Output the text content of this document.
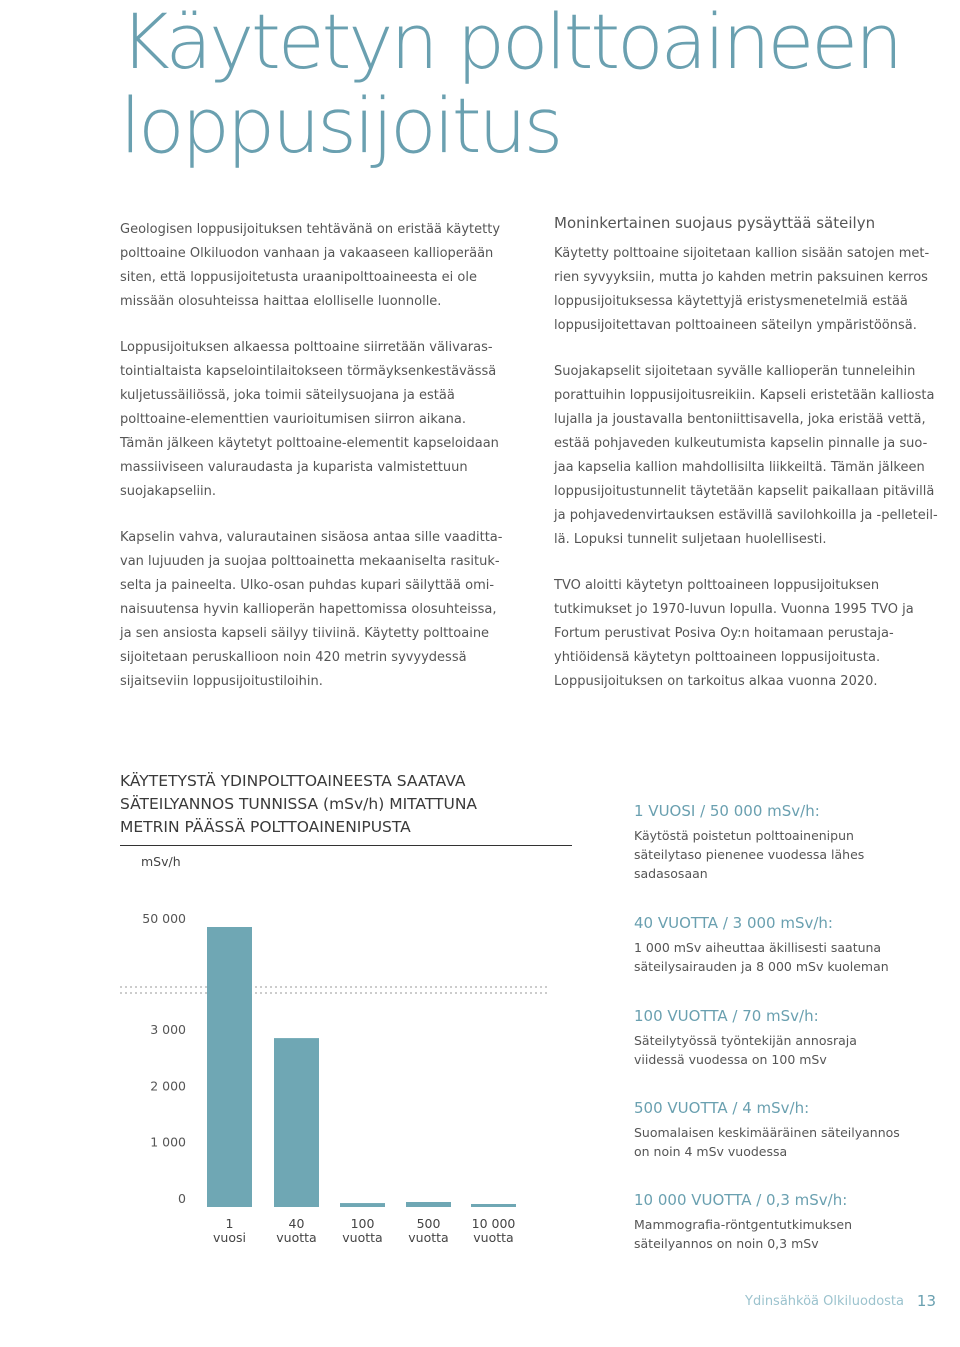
Käytetyn polttoaineen
loppusijoitus

Geologisen loppusijoituksen tehtävänä on eristää käytetty
polttoaine Olkiluodon vanhaan ja vakaaseen kallioperään
siten, että loppusijoitetusta uraanipolttoaineesta ei ole
missään olosuhteissa haittaa elolliselle luonnolle.

Loppusijoituksen alkaessa polttoaine siirretään välivaras-
tointialtaista kapselointilaitokseen törmäyksenkestävässä
kuljetussäiliössä, joka toimii säteilysuojana ja estää
polttoaine-elementtien vaurioitumisen siirron aikana.
Tämän jälkeen käytetyt polttoaine-elementit kapseloidaan
massiiviseen valuraudasta ja kuparista valmistettuun
suojakapseliin.

Kapselin vahva, valurautainen sisäosa antaa sille vaadittа-
van lujuuden ja suojaa polttoainetta mekaaniselta rasituk-
selta ja paineelta. Ulko-osan puhdas kupari säilyttää omi-
naisuutensa hyvin kallioperän hapettomissa olosuhteissa,
ja sen ansiosta kapseli säilyy tiiviinä. Käytetty polttoaine
sijoitetaan peruskallioon noin 420 metrin syvyydessä
sijaitseviin loppusijoitustiloihin.

Moninkertainen suojaus pysäyttää säteilyn

Käytetty polttoaine sijoitetaan kallion sisään satojen met-
rien syvyyksiin, mutta jo kahden metrin paksuinen kerros
loppusijoituksessa käytettyjä eristysmenetelmiä estää
loppusijoitettavan polttoaineen säteilyn ympäristöönsä.

Suojakapselit sijoitetaan syvälle kallioperän tunneleihin
porattuihin loppusijoitusreikiin. Kapseli eristetään kalliosta
lujalla ja joustavalla bentoniittisavella, joka eristää vettä,
estää pohjaveden kulkeutumista kapselin pinnalle ja suo-
jaa kapselia kallion mahdollisilta liikkeiltä. Tämän jälkeen
loppusijoitustunnelit täytetään kapselit paikallaan pitävillä
ja pohjavedenvirtauksen estävillä savilohkoilla ja -pelleteil-
lä. Lopuksi tunnelit suljetaan huolellisesti.

TVO aloitti käytetyn polttoaineen loppusijoituksen
tutkimukset jo 1970-luvun lopulla. Vuonna 1995 TVO ja
Fortum perustivat Posiva Oy:n hoitamaan perustaja-
yhtiöidensä käytetyn polttoaineen loppusijoitusta.
Loppusijoituksen on tarkoitus alkaa vuonna 2020.

KÄYTETYSTÄ YDINPOLTTOAINEESTA SAATAVA
SÄTEILYANNOS TUNNISSA (mSv/h) MITATTUNA
METRIN PÄÄSSÄ POLTTOAINENIPUSTA
mSv/h
0
1 000
2 000
3 000
50 000
1
vuosi
40
vuotta
100
vuotta
500
vuotta
10 000
vuotta

1 VUOSI / 50 000 mSv/h:

Käytöstä poistetun polttoainenipun
säteilytaso pienenee vuodessa lähes
sadasosaan

40 VUOTTA / 3 000 mSv/h:

1 000 mSv aiheuttaa äkillisesti saatuna
säteilysairauden ja 8 000 mSv kuoleman

100 VUOTTA / 70 mSv/h:

Säteilytyössä työntekijän annosraja
viidessä vuodessa on 100 mSv

500 VUOTTA / 4 mSv/h:

Suomalaisen keskimääräinen säteilyannos
on noin 4 mSv vuodessa

10 000 VUOTTA / 0,3 mSv/h:

Mammografia-röntgentutkimuksen
säteilyannos on noin 0,3 mSv

Ydinsähköä Olkiluodosta 13
